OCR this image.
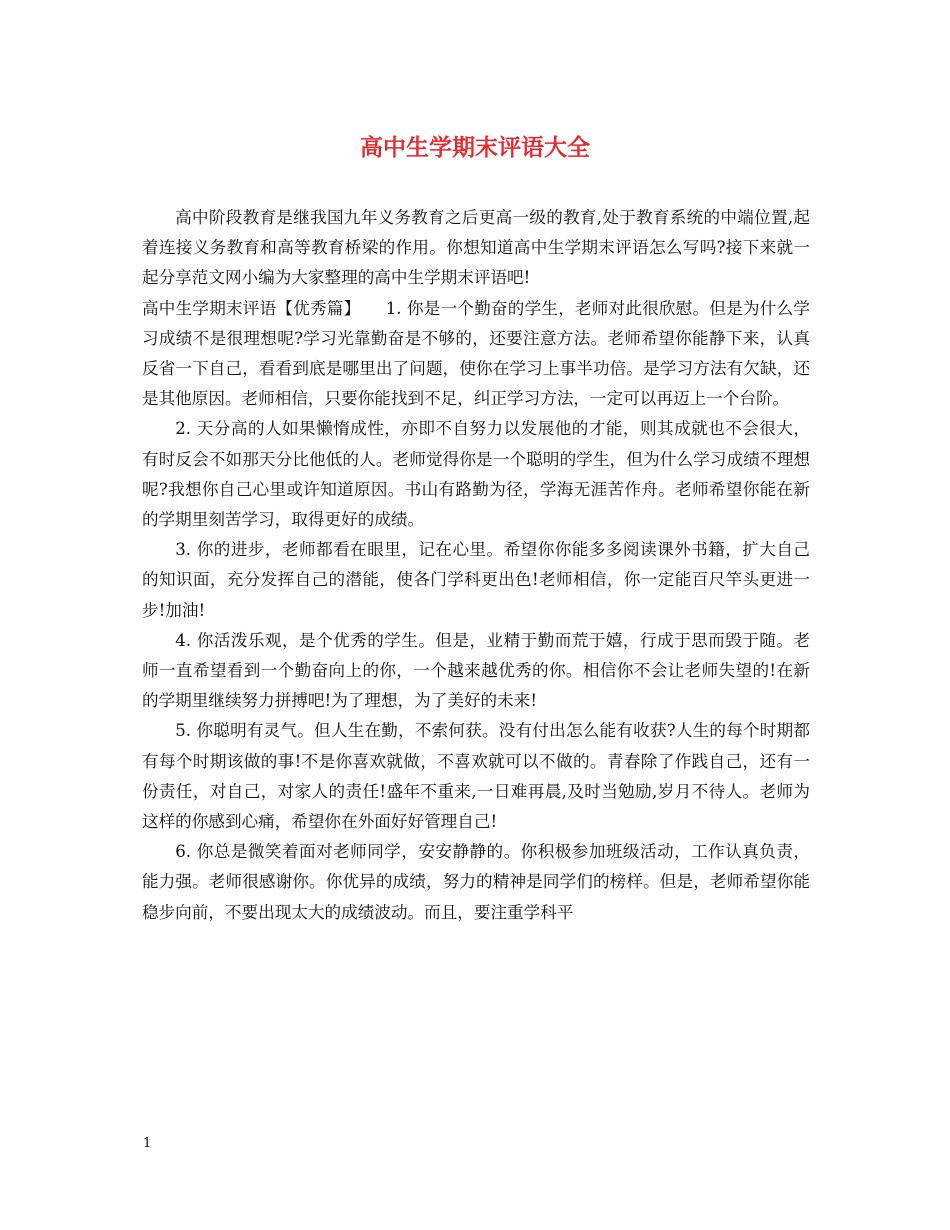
高中生学期末评语大全

高中阶段教育是继我国九年义务教育之后更高一级的教育,处于教育系统的中端位置,起着连接义务教育和高等教育桥梁的作用。你想知道高中生学期末评语怎么写吗?接下来就一起分享范文网小编为大家整理的高中生学期末评语吧!

高中生学期末评语【优秀篇】　　1. 你是一个勤奋的学生，老师对此很欣慰。但是为什么学习成绩不是很理想呢?学习光靠勤奋是不够的，还要注意方法。老师希望你能静下来，认真反省一下自己，看看到底是哪里出了问题，使你在学习上事半功倍。是学习方法有欠缺，还是其他原因。老师相信，只要你能找到不足，纠正学习方法，一定可以再迈上一个台阶。

2. 天分高的人如果懒惰成性，亦即不自努力以发展他的才能，则其成就也不会很大，有时反会不如那天分比他低的人。老师觉得你是一个聪明的学生，但为什么学习成绩不理想呢?我想你自己心里或许知道原因。书山有路勤为径，学海无涯苦作舟。老师希望你能在新的学期里刻苦学习，取得更好的成绩。

3. 你的进步，老师都看在眼里，记在心里。希望你你能多多阅读课外书籍，扩大自己的知识面，充分发挥自己的潜能，使各门学科更出色!老师相信，你一定能百尺竿头更进一步!加油!

4. 你活泼乐观，是个优秀的学生。但是，业精于勤而荒于嬉，行成于思而毁于随。老师一直希望看到一个勤奋向上的你，一个越来越优秀的你。相信你不会让老师失望的!在新的学期里继续努力拼搏吧!为了理想，为了美好的未来!

5. 你聪明有灵气。但人生在勤，不索何获。没有付出怎么能有收获?人生的每个时期都有每个时期该做的事!不是你喜欢就做，不喜欢就可以不做的。青春除了作践自己，还有一份责任，对自己，对家人的责任!盛年不重来,一日难再晨,及时当勉励,岁月不待人。老师为这样的你感到心痛，希望你在外面好好管理自己!

6. 你总是微笑着面对老师同学，安安静静的。你积极参加班级活动，工作认真负责，能力强。老师很感谢你。你优异的成绩，努力的精神是同学们的榜样。但是，老师希望你能稳步向前，不要出现太大的成绩波动。而且，要注重学科平

1
